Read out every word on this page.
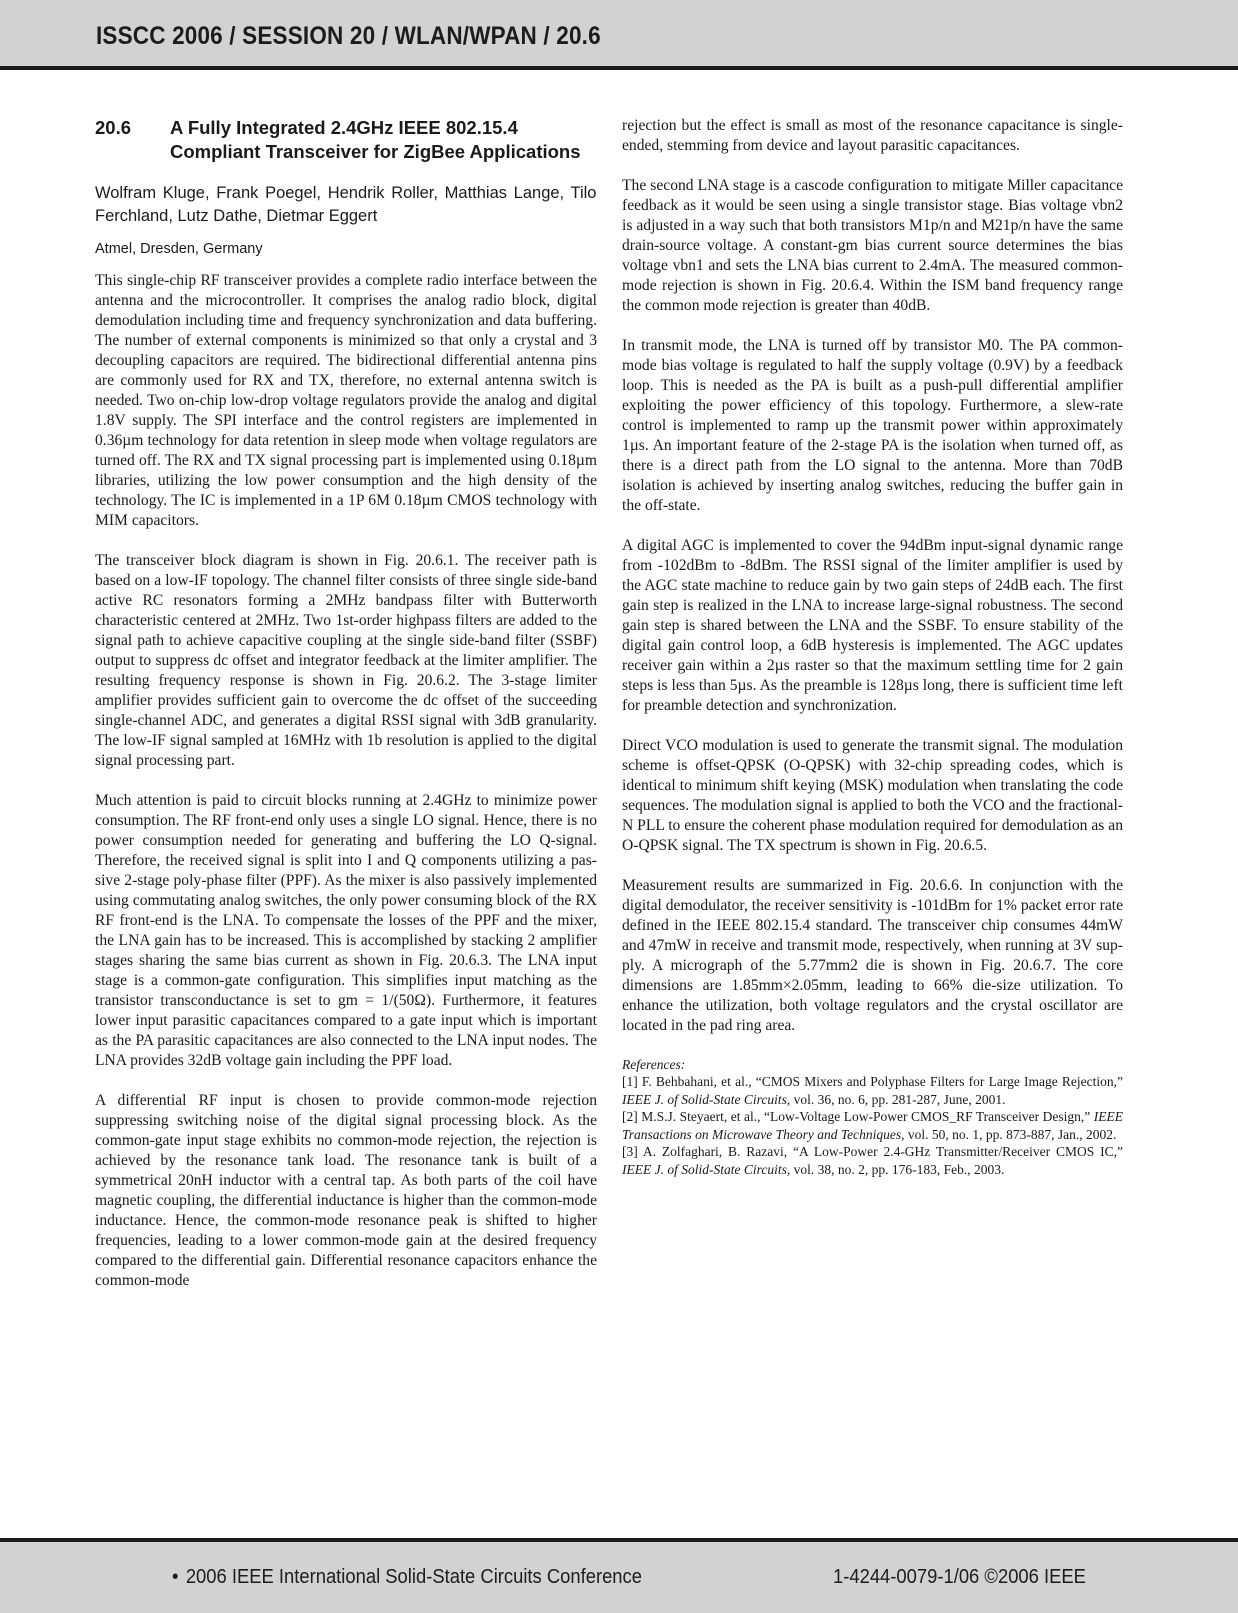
ISSCC 2006 / SESSION 20 / WLAN/WPAN / 20.6
20.6	A Fully Integrated 2.4GHz IEEE 802.15.4
Compliant Transceiver for ZigBee Applications
Wolfram Kluge, Frank Poegel, Hendrik Roller, Matthias Lange, Tilo Ferchland, Lutz Dathe, Dietmar Eggert
Atmel, Dresden, Germany

This single-chip RF transceiver provides a complete radio interface between the antenna and the microcontroller. It comprises the analog radio block, digital demodulation including time and frequency synchronization and data buffering. The number of external components is minimized so that only a crystal and 3 decoupling capacitors are required. The bidirectional differential antenna pins are commonly used for RX and TX, therefore, no external antenna switch is needed. Two on-chip low-drop voltage regulators provide the analog and digital 1.8V supply. The SPI interface and the control registers are implemented in 0.36µm technology for data retention in sleep mode when voltage regulators are turned off. The RX and TX signal processing part is implemented using 0.18µm libraries, utilizing the low power consumption and the high density of the technology. The IC is implemented in a 1P 6M 0.18µm CMOS technology with MIM capacitors.

The transceiver block diagram is shown in Fig. 20.6.1. The receiver path is based on a low-IF topology. The channel filter consists of three single side-band active RC resonators forming a 2MHz bandpass filter with Butterworth characteristic centered at 2MHz. Two 1st-order highpass filters are added to the signal path to achieve capacitive coupling at the single side-band filter (SSBF) output to suppress dc offset and integrator feedback at the limiter amplifier. The resulting frequency response is shown in Fig. 20.6.2. The 3-stage limiter amplifier provides sufficient gain to overcome the dc offset of the succeeding single-channel ADC, and generates a digital RSSI signal with 3dB granularity. The low-IF signal sampled at 16MHz with 1b resolution is applied to the digital signal processing part.

Much attention is paid to circuit blocks running at 2.4GHz to minimize power consumption. The RF front-end only uses a single LO signal. Hence, there is no power consumption needed for generating and buffering the LO Q-signal. Therefore, the received signal is split into I and Q components utilizing a passive 2-stage poly-phase filter (PPF). As the mixer is also passively implemented using commutating analog switches, the only power consuming block of the RX RF front-end is the LNA. To compensate the losses of the PPF and the mixer, the LNA gain has to be increased. This is accomplished by stacking 2 amplifier stages sharing the same bias current as shown in Fig. 20.6.3. The LNA input stage is a common-gate configuration. This simplifies input matching as the transistor transconductance is set to gm = 1/(50Ω). Furthermore, it features lower input parasitic capacitances compared to a gate input which is important as the PA parasitic capacitances are also connected to the LNA input nodes. The LNA provides 32dB voltage gain including the PPF load.

A differential RF input is chosen to provide common-mode rejection suppressing switching noise of the digital signal processing block. As the common-gate input stage exhibits no common-mode rejection, the rejection is achieved by the resonance tank load. The resonance tank is built of a symmetrical 20nH inductor with a central tap. As both parts of the coil have magnetic coupling, the differential inductance is higher than the common-mode inductance. Hence, the common-mode resonance peak is shifted to higher frequencies, leading to a lower common-mode gain at the desired frequency compared to the differential gain. Differential resonance capacitors enhance the common-mode

rejection but the effect is small as most of the resonance capacitance is single-ended, stemming from device and layout parasitic capacitances.

The second LNA stage is a cascode configuration to mitigate Miller capacitance feedback as it would be seen using a single transistor stage. Bias voltage vbn2 is adjusted in a way such that both transistors M1p/n and M21p/n have the same drain-source voltage. A constant-gm bias current source determines the bias voltage vbn1 and sets the LNA bias current to 2.4mA. The measured common-mode rejection is shown in Fig. 20.6.4. Within the ISM band frequency range the common mode rejection is greater than 40dB.

In transmit mode, the LNA is turned off by transistor M0. The PA common-mode bias voltage is regulated to half the supply voltage (0.9V) by a feedback loop. This is needed as the PA is built as a push-pull differential amplifier exploiting the power efficiency of this topology. Furthermore, a slew-rate control is implemented to ramp up the transmit power within approximately 1µs. An important feature of the 2-stage PA is the isolation when turned off, as there is a direct path from the LO signal to the antenna. More than 70dB isolation is achieved by inserting analog switches, reducing the buffer gain in the off-state.

A digital AGC is implemented to cover the 94dBm input-signal dynamic range from -102dBm to -8dBm. The RSSI signal of the limiter amplifier is used by the AGC state machine to reduce gain by two gain steps of 24dB each. The first gain step is realized in the LNA to increase large-signal robustness. The second gain step is shared between the LNA and the SSBF. To ensure stability of the digital gain control loop, a 6dB hysteresis is implemented. The AGC updates receiver gain within a 2µs raster so that the maximum settling time for 2 gain steps is less than 5µs. As the preamble is 128µs long, there is sufficient time left for preamble detection and synchronization.

Direct VCO modulation is used to generate the transmit signal. The modulation scheme is offset-QPSK (O-QPSK) with 32-chip spreading codes, which is identical to minimum shift keying (MSK) modulation when translating the code sequences. The modulation signal is applied to both the VCO and the fractional-N PLL to ensure the coherent phase modulation required for demodulation as an O-QPSK signal. The TX spectrum is shown in Fig. 20.6.5.

Measurement results are summarized in Fig. 20.6.6. In conjunction with the digital demodulator, the receiver sensitivity is -101dBm for 1% packet error rate defined in the IEEE 802.15.4 standard. The transceiver chip consumes 44mW and 47mW in receive and transmit mode, respectively, when running at 3V supply. A micrograph of the 5.77mm2 die is shown in Fig. 20.6.7. The core dimensions are 1.85mm×2.05mm, leading to 66% die-size utilization. To enhance the utilization, both voltage regulators and the crystal oscillator are located in the pad ring area.

References:

[1] F. Behbahani, et al., “CMOS Mixers and Polyphase Filters for Large Image Rejection,” IEEE J. of Solid-State Circuits, vol. 36, no. 6, pp. 281-287, June, 2001.

[2] M.S.J. Steyaert, et al., “Low-Voltage Low-Power CMOS_RF Transceiver Design,” IEEE Transactions on Microwave Theory and Techniques, vol. 50, no. 1, pp. 873-887, Jan., 2002.

[3] A. Zolfaghari, B. Razavi, “A Low-Power 2.4-GHz Transmitter/Receiver CMOS IC,” IEEE J. of Solid-State Circuits, vol. 38, no. 2, pp. 176-183, Feb., 2003.

• 2006 IEEE International Solid-State Circuits Conference	1-4244-0079-1/06 ©2006 IEEE
